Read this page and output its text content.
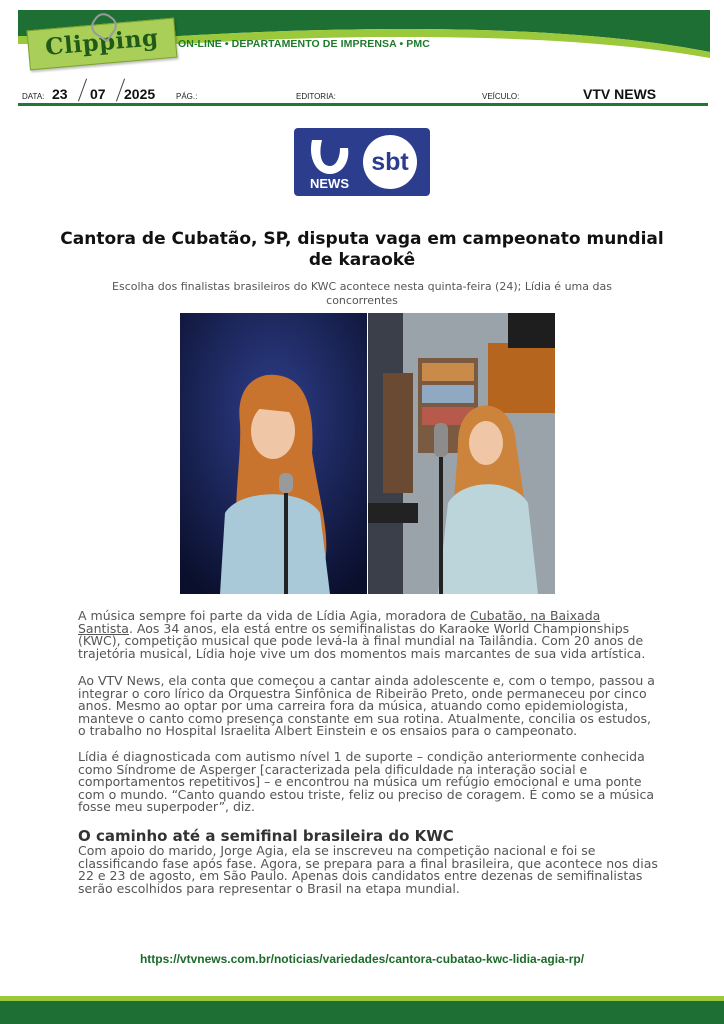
Clipping	ON-LINE • DEPARTAMENTO DE IMPRENSA • PMC
DATA: 23 07 2025	PÁG.:	EDITORIA:	VEÍCULO:	VTV NEWS
NEWS
sbt
Cantora de Cubatão, SP, disputa vaga em campeonato mundial de karaokê
Escolha dos finalistas brasileiros do KWC acontece nesta quinta-feira (24); Lídia é uma das concorrentes

A música sempre foi parte da vida de Lídia Agia, moradora de Cubatão, na Baixada Santista. Aos 34 anos, ela está entre os semifinalistas do Karaoke World Championships (KWC), competição musical que pode levá-la à final mundial na Tailândia. Com 20 anos de trajetória musical, Lídia hoje vive um dos momentos mais marcantes de sua vida artística.

Ao VTV News, ela conta que começou a cantar ainda adolescente e, com o tempo, passou a integrar o coro lírico da Orquestra Sinfônica de Ribeirão Preto, onde permaneceu por cinco anos. Mesmo ao optar por uma carreira fora da música, atuando como epidemiologista, manteve o canto como presença constante em sua rotina. Atualmente, concilia os estudos, o trabalho no Hospital Israelita Albert Einstein e os ensaios para o campeonato.

Lídia é diagnosticada com autismo nível 1 de suporte – condição anteriormente conhecida como Síndrome de Asperger [caracterizada pela dificuldade na interação social e comportamentos repetitivos] – e encontrou na música um refúgio emocional e uma ponte com o mundo. “Canto quando estou triste, feliz ou preciso de coragem. É como se a música fosse meu superpoder”, diz.

O caminho até a semifinal brasileira do KWC

Com apoio do marido, Jorge Agia, ela se inscreveu na competição nacional e foi se classificando fase após fase. Agora, se prepara para a final brasileira, que acontece nos dias 22 e 23 de agosto, em São Paulo. Apenas dois candidatos entre dezenas de semifinalistas serão escolhidos para representar o Brasil na etapa mundial.

https://vtvnews.com.br/noticias/variedades/cantora-cubatao-kwc-lidia-agia-rp/
